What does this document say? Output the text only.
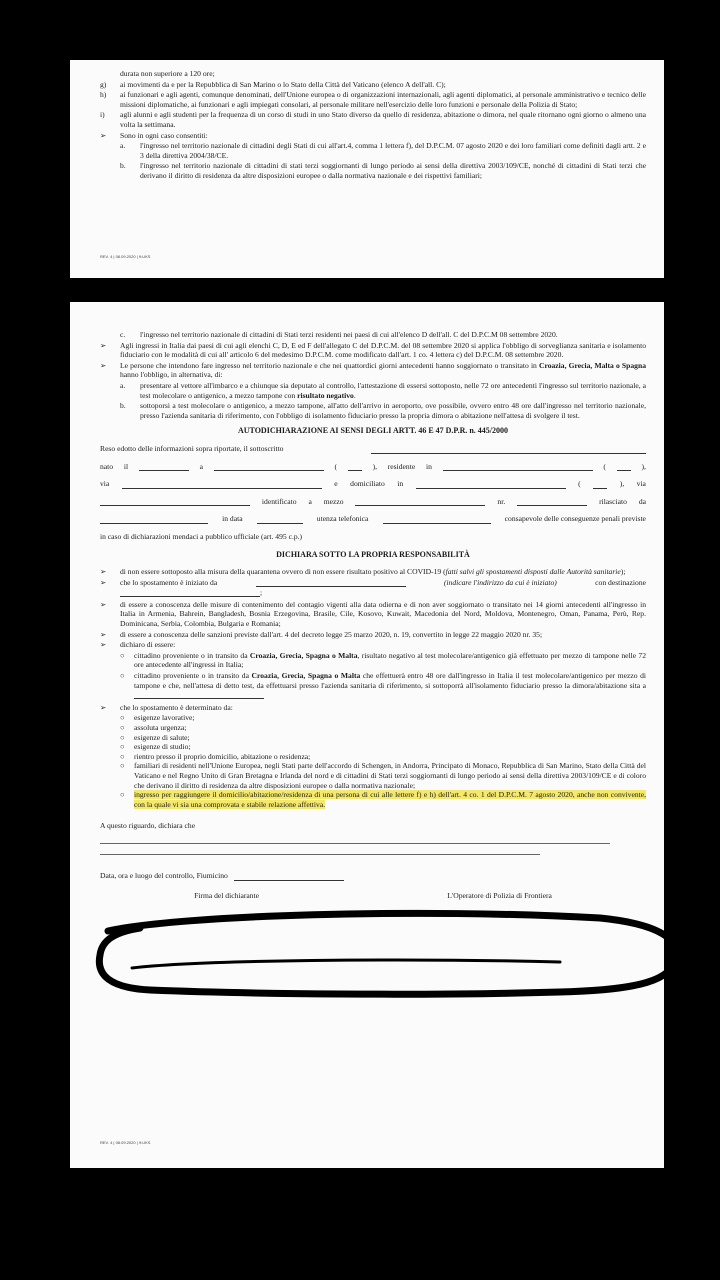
durata non superiore a 120 ore;
g)	ai movimenti da e per la Repubblica di San Marino o lo Stato della Città del Vaticano (elenco A dell'all. C);
h)	ai funzionari e agli agenti, comunque denominati, dell'Unione europea o di organizzazioni internazionali, agli agenti diplomatici, al personale amministrativo e tecnico delle missioni diplomatiche, ai funzionari e agli impiegati consolari, al personale militare nell'esercizio delle loro funzioni e personale della Polizia di Stato;
i)	agli alunni e agli studenti per la frequenza di un corso di studi in uno Stato diverso da quello di residenza, abitazione o dimora, nel quale ritornano ogni giorno o almeno una volta la settimana.
➢	Sono in ogni caso consentiti:
a.	l'ingresso nel territorio nazionale di cittadini degli Stati di cui all'art.4, comma 1 lettera f), del D.P.C.M. 07 agosto 2020 e dei loro familiari come definiti dagli artt. 2 e 3 della direttiva 2004/38/CE.
b.	l'ingresso nel territorio nazionale di cittadini di stati terzi soggiornanti di lungo periodo ai sensi della direttiva 2003/109/CE, nonché di cittadini di Stati terzi che derivano il diritto di residenza da altre disposizioni europee o dalla normativa nazionale e dei rispettivi familiari;
REV. 4 | 08.09.2020 | 9:UKS
c.	l'ingresso nel territorio nazionale di cittadini di Stati terzi residenti nei paesi di cui all'elenco D dell'all. C del D.P.C.M 08 settembre 2020.
➢	Agli ingressi in Italia dai paesi di cui agli elenchi C, D, E ed F dell'allegato C del D.P.C.M. del 08 settembre 2020 si applica l'obbligo di sorveglianza sanitaria e isolamento fiduciario con le modalità di cui all' articolo 6 del medesimo D.P.C.M. come modificato dall'art. 1 co. 4 lettera c) del D.P.C.M. 08 settembre 2020.
➢	Le persone che intendono fare ingresso nel territorio nazionale e che nei quattordici giorni antecedenti hanno soggiornato o transitato in Croazia, Grecia, Malta o Spagna hanno l'obbligo, in alternativa, di:
a.	presentare al vettore all'imbarco e a chiunque sia deputato al controllo, l'attestazione di essersi sottoposto, nelle 72 ore antecedenti l'ingresso sul territorio nazionale, a test molecolare o antigenico, a mezzo tampone con risultato negativo.
b.	sottoporsi a test molecolare o antigenico, a mezzo tampone, all'atto dell'arrivo in aeroporto, ove possibile, ovvero entro 48 ore dall'ingresso nel territorio nazionale, presso l'azienda sanitaria di riferimento, con l'obbligo di isolamento fiduciario presso la propria dimora o abitazione nell'attesa di svolgere il test.
AUTODICHIARAZIONE AI SENSI DEGLI ARTT. 46 E 47 D.P.R. n. 445/2000
Reso edotto delle informazioni sopra riportate, il sottoscritto
nato il	a	(	), residente in	(	),
via	e domiciliato in	(	), via
identificato a mezzo	nr.	rilasciato da
in data	utenza telefonica	consapevole delle conseguenze penali previste

in caso di dichiarazioni mendaci a pubblico ufficiale (art. 495 c.p.)

DICHIARA SOTTO LA PROPRIA RESPONSABILITÀ
➢	di non essere sottoposto alla misura della quarantena ovvero di non essere risultato positivo al COVID-19 (fatti salvi gli spostamenti disposti dalle Autorità sanitarie);
➢	che lo spostamento è iniziato da	(indicare l'indirizzo da cui è iniziato)	con destinazione
;
➢	di essere a conoscenza delle misure di contenimento del contagio vigenti alla data odierna e di non aver soggiornato o transitato nei 14 giorni antecedenti all'ingresso in Italia in Armenia, Bahrein, Bangladesh, Bosnia Erzegovina, Brasile, Cile, Kosovo, Kuwait, Macedonia del Nord, Moldova, Montenegro, Oman, Panama, Perù, Rep. Dominicana, Serbia, Colombia, Bulgaria e Romania;
➢	di essere a conoscenza delle sanzioni previste dall'art. 4 del decreto legge 25 marzo 2020, n. 19, convertito in legge 22 maggio 2020 nr. 35;
➢	dichiaro di essere:
○	cittadino proveniente o in transito da Croazia, Grecia, Spagna o Malta, risultato negativo al test molecolare/antigenico già effettuato per mezzo di tampone nelle 72 ore antecedente all'ingressi in Italia;
○	cittadino proveniente o in transito da Croazia, Grecia, Spagna o Malta che effettuerà entro 48 ore dall'ingresso in Italia il test molecolare/antigenico per mezzo di tampone e che, nell'attesa di detto test, da effettuarsi presso l'azienda sanitaria di riferimento, si sottoporrà all'isolamento fiduciario presso la dimora/abitazione sita a
➢	che lo spostamento è determinato da:
○	esigenze lavorative;
○	assoluta urgenza;
○	esigenze di salute;
○	esigenze di studio;
○	rientro presso il proprio domicilio, abitazione o residenza;
○	familiari di residenti nell'Unione Europea, negli Stati parte dell'accordo di Schengen, in Andorra, Principato di Monaco, Repubblica di San Marino, Stato della Città del Vaticano e nel Regno Unito di Gran Bretagna e Irlanda del nord e di cittadini di Stati terzi soggiornanti di lungo periodo ai sensi della direttiva 2003/109/CE e di coloro che derivano il diritto di residenza da altre disposizioni europee o dalla normativa nazionale;
○	ingresso per raggiungere il domicilio/abitazione/residenza di una persona di cui alle lettere f) e h) dell'art. 4 co. 1 del D.P.C.M. 7 agosto 2020, anche non convivente, con la quale vi sia una comprovata e stabile relazione affettiva.

A questo riguardo, dichiara che

Data, ora e luogo del controllo, Fiumicino
Firma del dichiarante	L'Operatore di Polizia di Frontiera
REV. 4 | 08.09.2020 | 9:UKS
